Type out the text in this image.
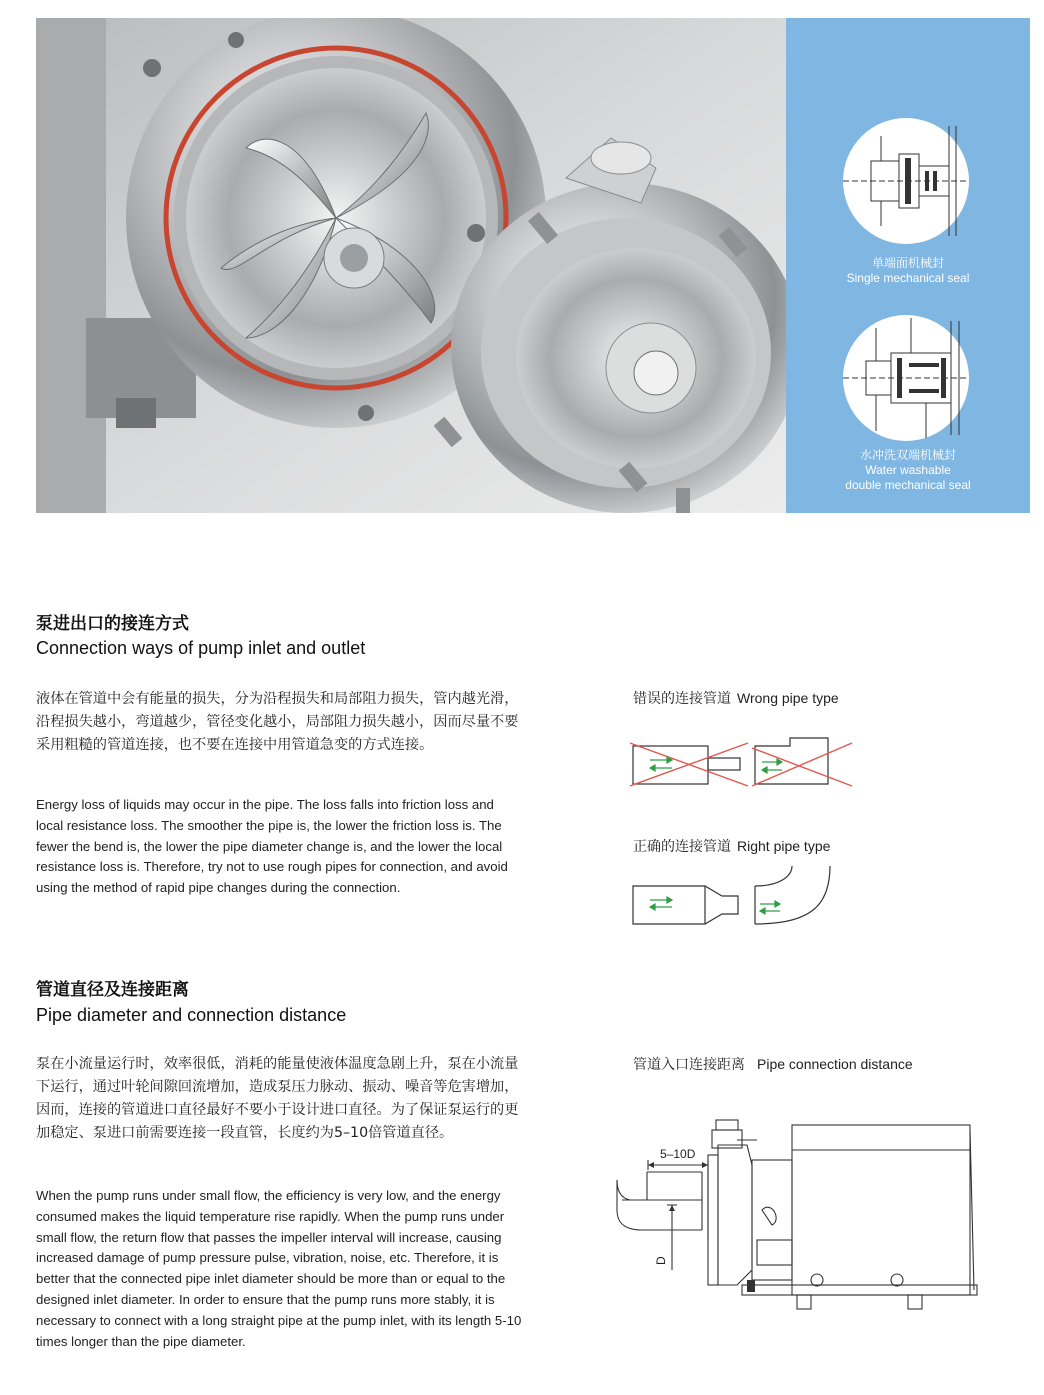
单端面机械封
Single mechanical seal
水冲洗双端机械封
Water washable
double mechanical seal
泵进出口的接连方式
Connection ways of pump inlet and outlet
液体在管道中会有能量的损失，分为沿程损失和局部阻力损失，管内越光滑，沿程损失越小，弯道越少，管径变化越小，局部阻力损失越小，因而尽量不要采用粗糙的管道连接，也不要在连接中用管道急变的方式连接。
Energy loss of liquids may occur in the pipe. The loss falls into friction loss and local resistance loss. The smoother the pipe is, the lower the friction loss is. The fewer the bend is, the lower the pipe diameter change is, and the lower the local resistance loss is. Therefore, try not to use rough pipes for connection, and avoid using the method of rapid pipe changes during the connection.
错误的连接管道 Wrong pipe type
正确的连接管道 Right pipe type
管道直径及连接距离
Pipe diameter and connection distance
泵在小流量运行时，效率很低，消耗的能量使液体温度急剧上升，泵在小流量下运行，通过叶轮间隙回流增加，造成泵压力脉动、振动、噪音等危害增加，因而，连接的管道进口直径最好不要小于设计进口直径。为了保证泵运行的更加稳定、泵进口前需要连接一段直管，长度约为5–10倍管道直径。
When the pump runs under small flow, the efficiency is very low, and the energy consumed makes the liquid temperature rise rapidly. When the pump runs under small flow, the return flow that passes the impeller interval will increase, causing increased damage of pump pressure pulse, vibration, noise, etc. Therefore, it is better that the connected pipe inlet diameter should be more than or equal to the designed inlet diameter. In order to ensure that the pump runs more stably, it is necessary to connect with a long straight pipe at the pump inlet, with its length 5-10 times longer than the pipe diameter.
管道入口连接距离 Pipe connection distance
5–10D
D
